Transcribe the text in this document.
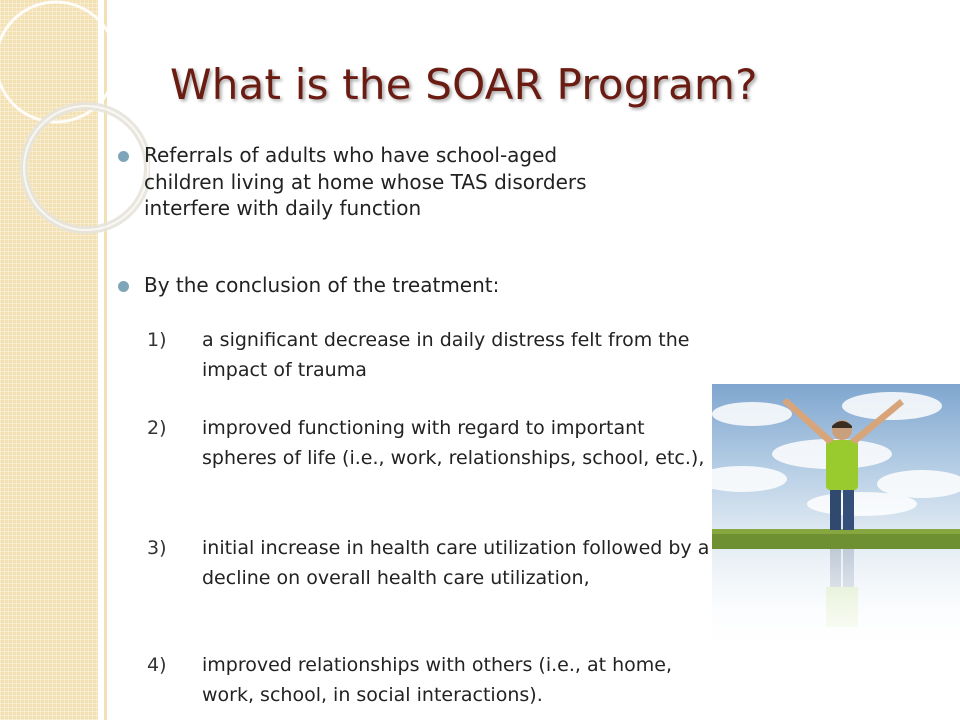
What is the SOAR Program?
Referrals of adults who have school-aged children living at home whose TAS disorders interfere with daily function
By the conclusion of the treatment:
1)	a significant decrease in daily distress felt from the impact of trauma
2)	improved functioning with regard to important spheres of life (i.e., work, relationships, school, etc.),
3)	initial increase in health care utilization followed by a decline on overall health care utilization,
4)	improved relationships with others (i.e., at home, work, school, in social interactions).
